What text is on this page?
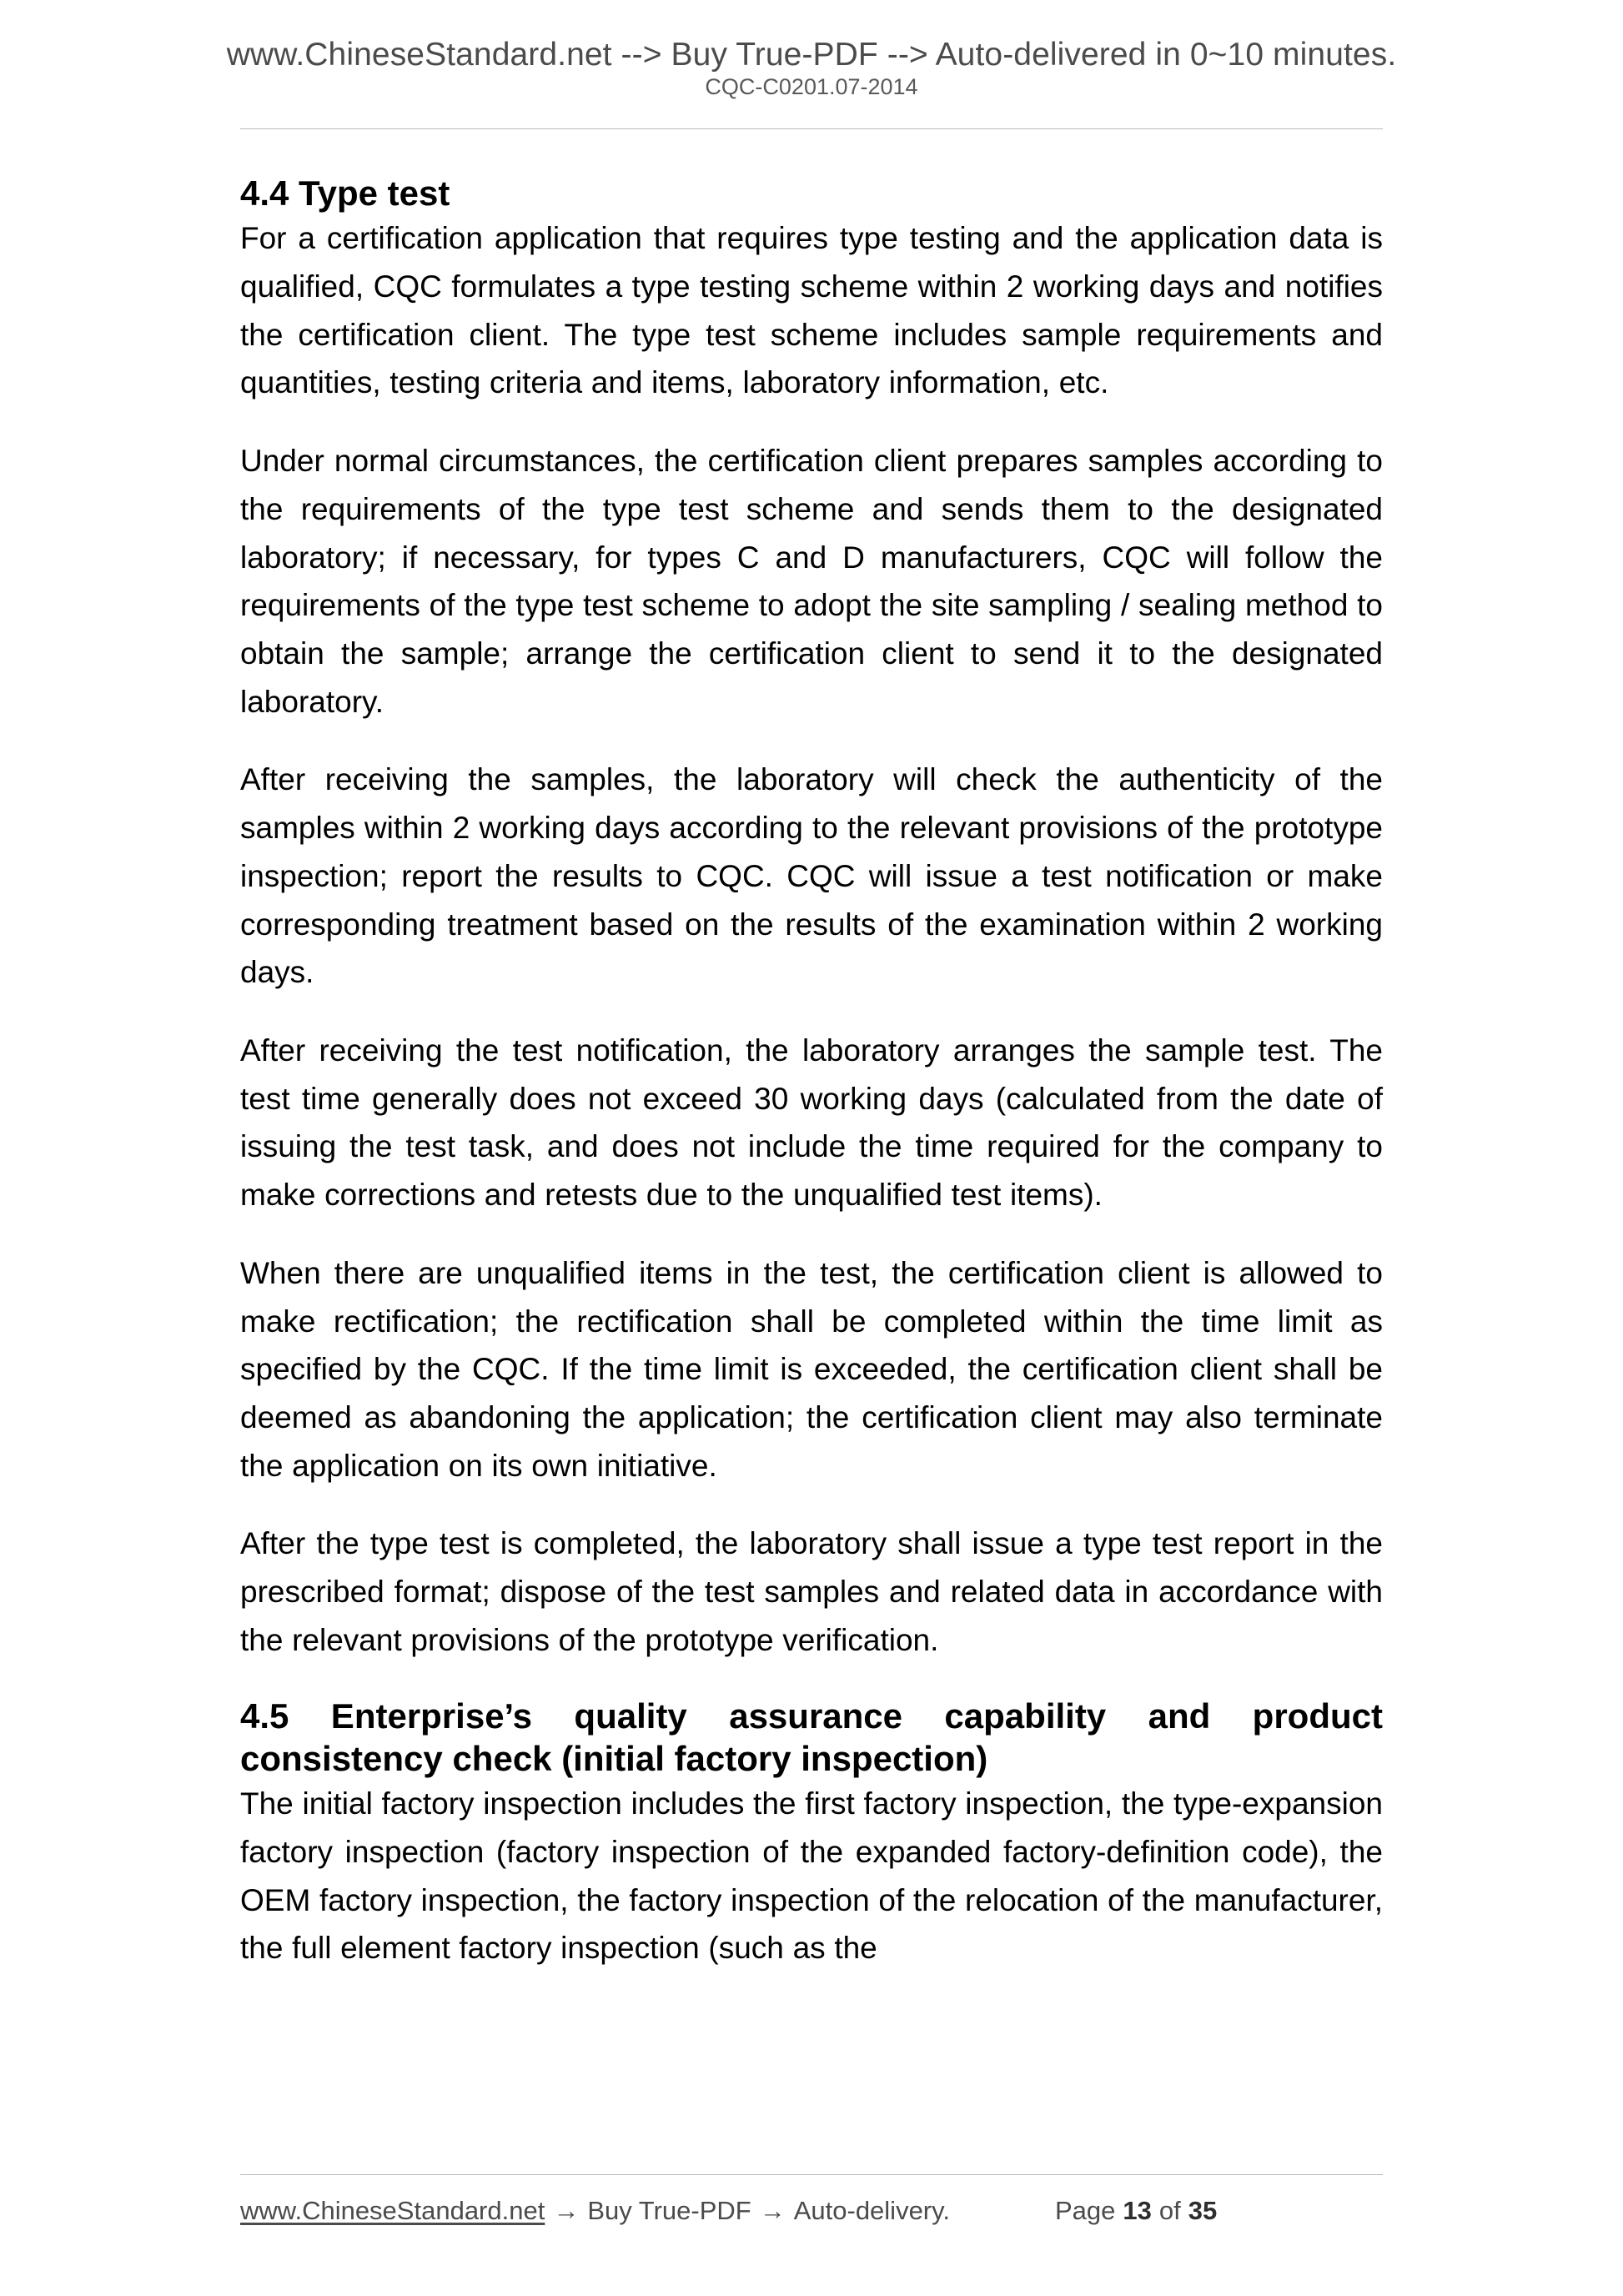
www.ChineseStandard.net --> Buy True-PDF --> Auto-delivered in 0~10 minutes.
CQC-C0201.07-2014
4.4 Type test

For a certification application that requires type testing and the application data is qualified, CQC formulates a type testing scheme within 2 working days and notifies the certification client. The type test scheme includes sample requirements and quantities, testing criteria and items, laboratory information, etc.

Under normal circumstances, the certification client prepares samples according to the requirements of the type test scheme and sends them to the designated laboratory; if necessary, for types C and D manufacturers, CQC will follow the requirements of the type test scheme to adopt the site sampling / sealing method to obtain the sample; arrange the certification client to send it to the designated laboratory.

After receiving the samples, the laboratory will check the authenticity of the samples within 2 working days according to the relevant provisions of the prototype inspection; report the results to CQC. CQC will issue a test notification or make corresponding treatment based on the results of the examination within 2 working days.

After receiving the test notification, the laboratory arranges the sample test. The test time generally does not exceed 30 working days (calculated from the date of issuing the test task, and does not include the time required for the company to make corrections and retests due to the unqualified test items).

When there are unqualified items in the test, the certification client is allowed to make rectification; the rectification shall be completed within the time limit as specified by the CQC. If the time limit is exceeded, the certification client shall be deemed as abandoning the application; the certification client may also terminate the application on its own initiative.

After the type test is completed, the laboratory shall issue a type test report in the prescribed format; dispose of the test samples and related data in accordance with the relevant provisions of the prototype verification.

4.5 Enterprise’s quality assurance capability and product consistency check (initial factory inspection)

The initial factory inspection includes the first factory inspection, the type-expansion factory inspection (factory inspection of the expanded factory-definition code), the OEM factory inspection, the factory inspection of the relocation of the manufacturer, the full element factory inspection (such as the

www.ChineseStandard.net → Buy True-PDF → Auto-delivery.	Page 13 of 35
